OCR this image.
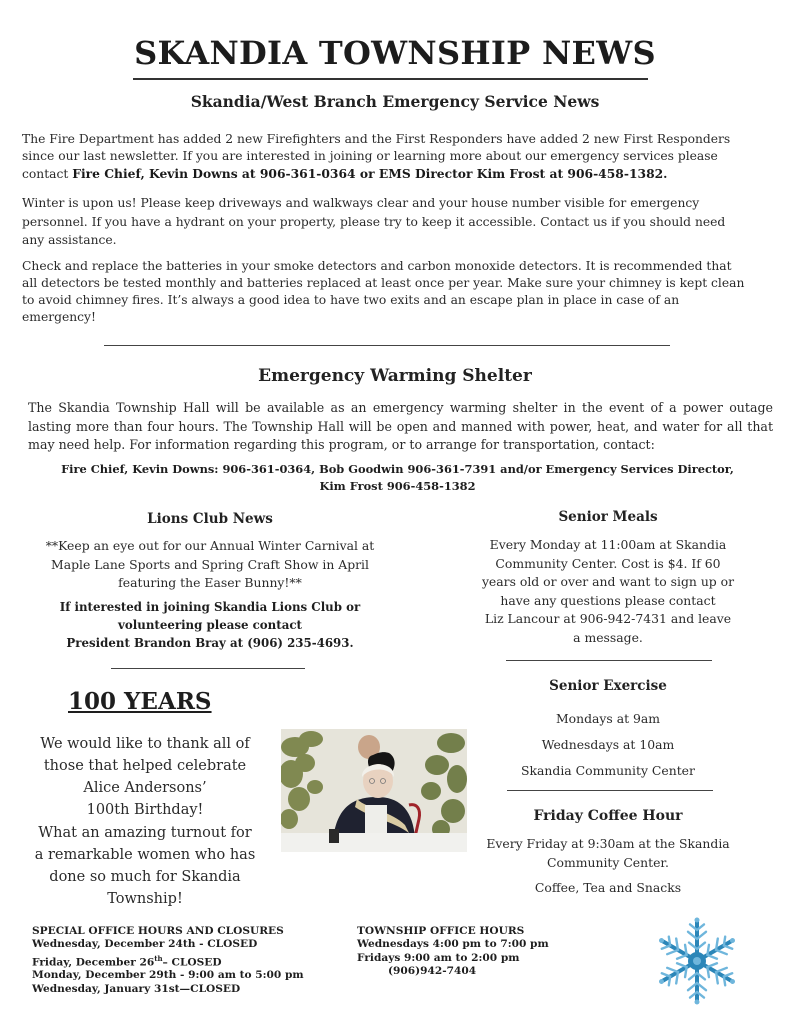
SKANDIA TOWNSHIP NEWS
Skandia/West Branch Emergency Service News
The Fire Department has added 2 new Firefighters and the First Responders have added 2 new First Responders
since our last newsletter. If you are interested in joining or learning more about our emergency services please
contact Fire Chief, Kevin Downs at 906-361-0364 or EMS Director Kim Frost at 906-458-1382.
Winter is upon us! Please keep driveways and walkways clear and your house number visible for emergency
personnel. If you have a hydrant on your property, please try to keep it accessible. Contact us if you should need
any assistance.
Check and replace the batteries in your smoke detectors and carbon monoxide detectors. It is recommended that
all detectors be tested monthly and batteries replaced at least once per year. Make sure your chimney is kept clean
to avoid chimney fires. It’s always a good idea to have two exits and an escape plan in place in case of an
emergency!
Emergency Warming Shelter
The Skandia Township Hall will be available as an emergency warming shelter in the event of a power outage lasting more than four hours. The Township Hall will be open and manned with power, heat, and water for all that may need help. For information regarding this program, or to arrange for transportation, contact:
Fire Chief, Kevin Downs: 906-361-0364, Bob Goodwin 906-361-7391 and/or Emergency Services Director,
Kim Frost 906-458-1382
Lions Club News
**Keep an eye out for our Annual Winter Carnival at
Maple Lane Sports and Spring Craft Show in April
featuring the Easer Bunny!**
If interested in joining Skandia Lions Club or
volunteering please contact
President Brandon Bray at (906) 235-4693.
Senior Meals
Every Monday at 11:00am at Skandia
Community Center. Cost is $4. If 60
years old or over and want to sign up or
have any questions please contact
Liz Lancour at 906-942-7431 and leave
a message.
100 YEARS
We would like to thank all of
those that helped celebrate
Alice Andersons’
100th Birthday!
What an amazing turnout for
a remarkable women who has
done so much for Skandia
Township!
Senior Exercise
Mondays at 9am
Wednesdays at 10am
Skandia Community Center
Friday Coffee Hour
Every Friday at 9:30am at the Skandia
Community Center.
Coffee, Tea and Snacks
SPECIAL OFFICE HOURS AND CLOSURES
Wednesday, December 24th - CLOSED
Friday, December 26th– CLOSED
Monday, December 29th - 9:00 am to 5:00 pm
Wednesday, January 31st—CLOSED
TOWNSHIP OFFICE HOURS
Wednesdays 4:00 pm to 7:00 pm
Fridays 9:00 am to 2:00 pm
(906)942-7404
